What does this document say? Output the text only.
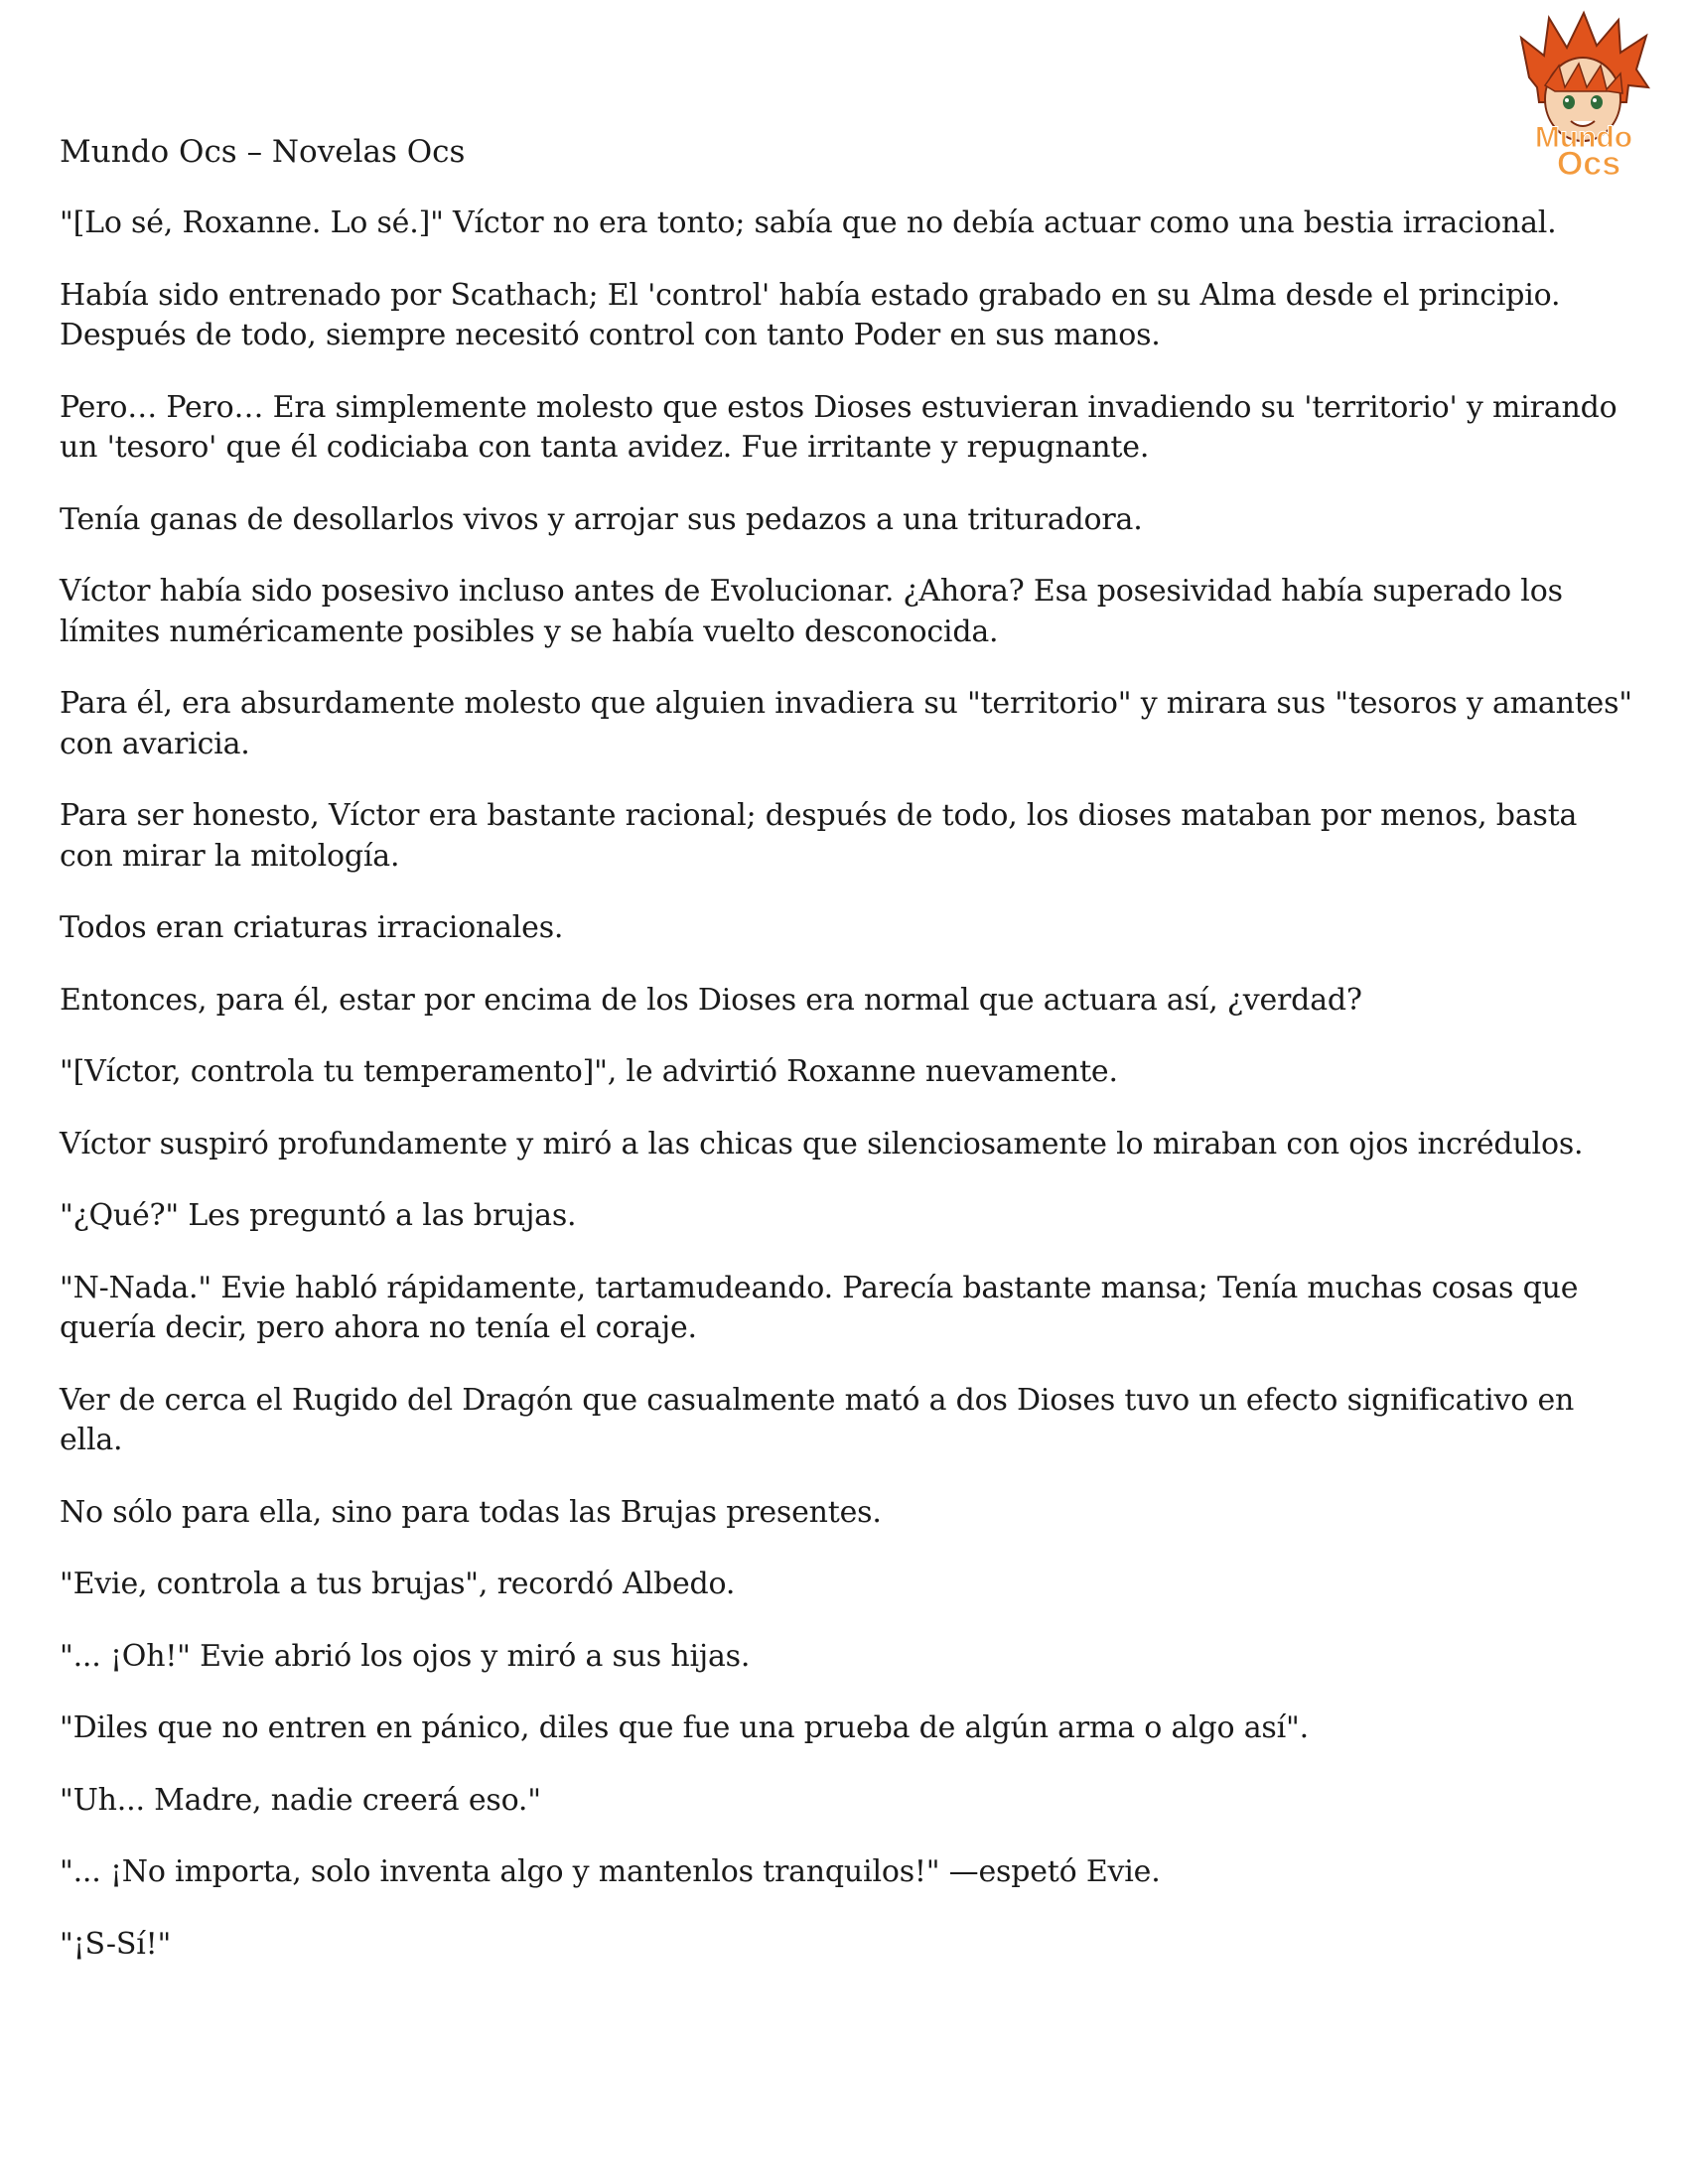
Mundo
Ocs
Mundo Ocs – Novelas Ocs

"[Lo sé, Roxanne. Lo sé.]" Víctor no era tonto; sabía que no debía actuar como una bestia irracional.

Había sido entrenado por Scathach; El 'control' había estado grabado en su Alma desde el principio. Después de todo, siempre necesitó control con tanto Poder en sus manos.

Pero… Pero… Era simplemente molesto que estos Dioses estuvieran invadiendo su 'territorio' y mirando un 'tesoro' que él codiciaba con tanta avidez. Fue irritante y repugnante.

Tenía ganas de desollarlos vivos y arrojar sus pedazos a una trituradora.

Víctor había sido posesivo incluso antes de Evolucionar. ¿Ahora? Esa posesividad había superado los límites numéricamente posibles y se había vuelto desconocida.

Para él, era absurdamente molesto que alguien invadiera su "territorio" y mirara sus "tesoros y amantes" con avaricia.

Para ser honesto, Víctor era bastante racional; después de todo, los dioses mataban por menos, basta con mirar la mitología.

Todos eran criaturas irracionales.

Entonces, para él, estar por encima de los Dioses era normal que actuara así, ¿verdad?

"[Víctor, controla tu temperamento]", le advirtió Roxanne nuevamente.

Víctor suspiró profundamente y miró a las chicas que silenciosamente lo miraban con ojos incrédulos.

"¿Qué?" Les preguntó a las brujas.

"N-Nada." Evie habló rápidamente, tartamudeando. Parecía bastante mansa; Tenía muchas cosas que quería decir, pero ahora no tenía el coraje.

Ver de cerca el Rugido del Dragón que casualmente mató a dos Dioses tuvo un efecto significativo en ella.

No sólo para ella, sino para todas las Brujas presentes.

"Evie, controla a tus brujas", recordó Albedo.

"... ¡Oh!" Evie abrió los ojos y miró a sus hijas.

"Diles que no entren en pánico, diles que fue una prueba de algún arma o algo así".

"Uh... Madre, nadie creerá eso."

"... ¡No importa, solo inventa algo y mantenlos tranquilos!" —espetó Evie.

"¡S-Sí!"
